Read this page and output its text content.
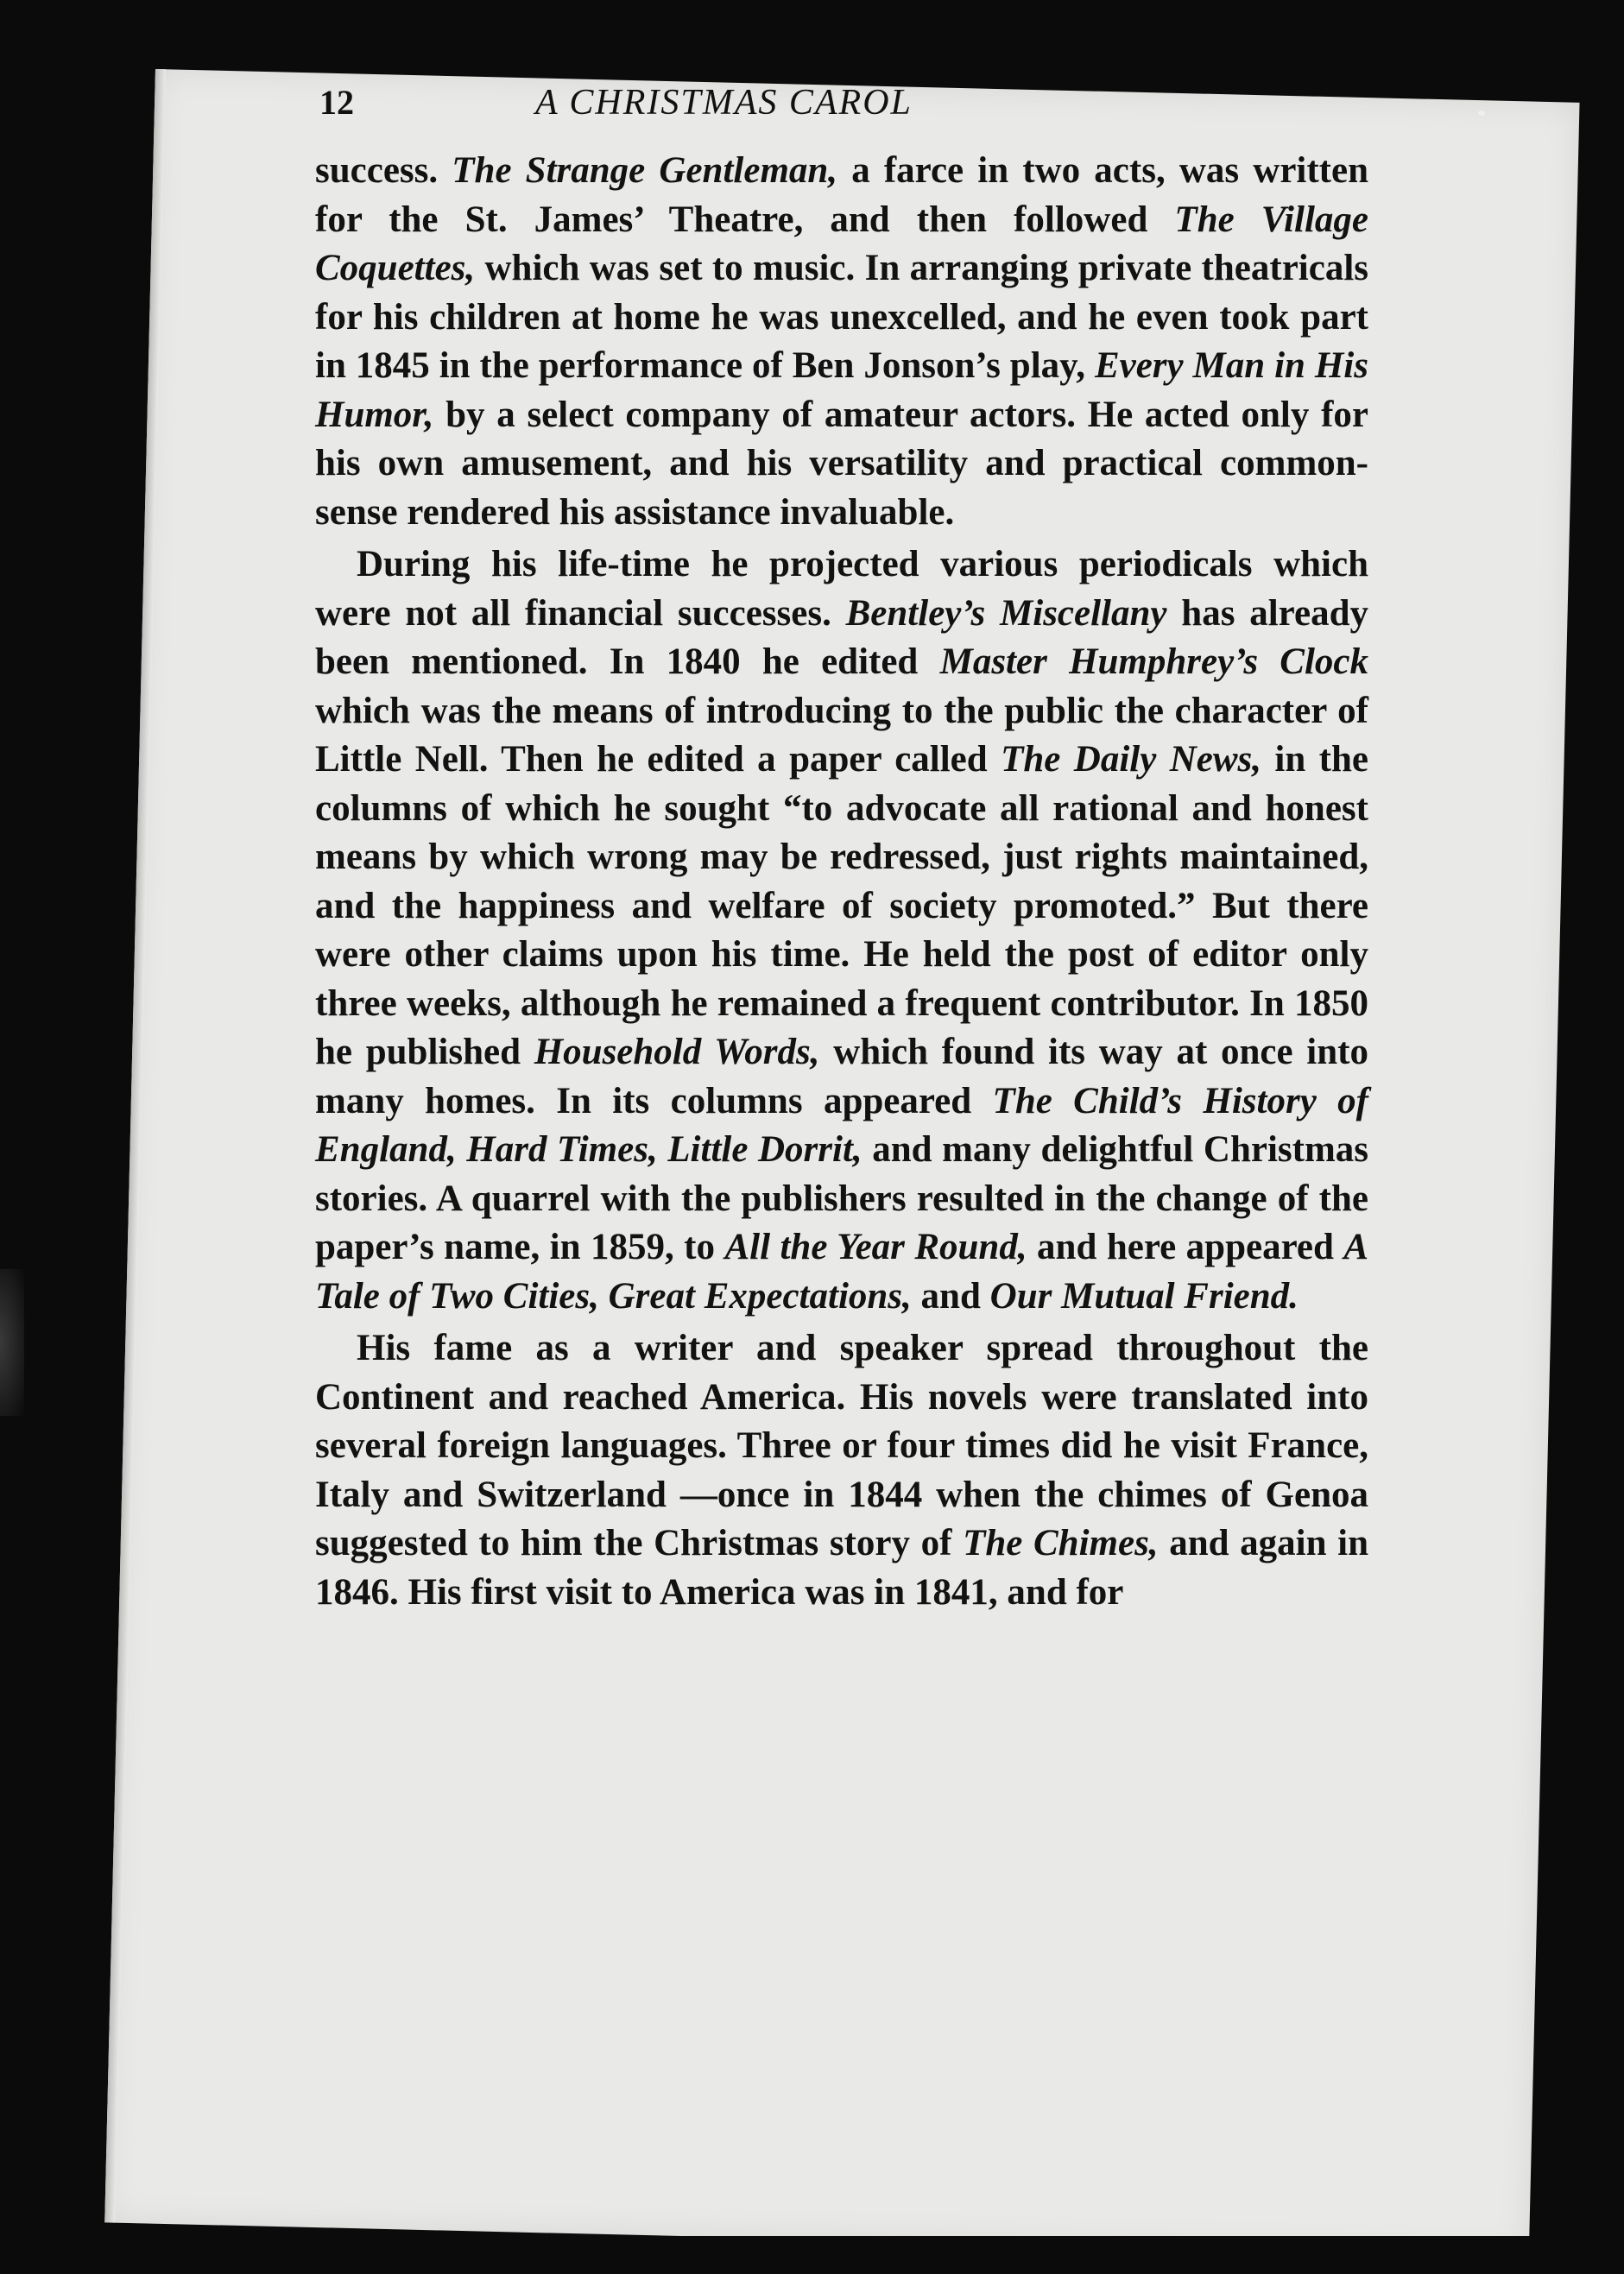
12	A CHRISTMAS CAROL

success. The Strange Gentleman, a farce in two acts, was written for the St. James’ Theatre, and then followed The Village Coquettes, which was set to music. In arranging private theatricals for his children at home he was unexcelled, and he even took part in 1845 in the performance of Ben Jonson’s play, Every Man in His Humor, by a select company of amateur actors. He acted only for his own amusement, and his versatility and practical common-sense rendered his assistance invaluable.

During his life-time he projected various periodicals which were not all financial successes. Bentley’s Miscellany has already been mentioned. In 1840 he edited Master Humphrey’s Clock which was the means of introducing to the public the character of Little Nell. Then he edited a paper called The Daily News, in the columns of which he sought “to advocate all rational and honest means by which wrong may be redressed, just rights maintained, and the happiness and welfare of society promoted.” But there were other claims upon his time. He held the post of editor only three weeks, although he remained a frequent contributor. In 1850 he published Household Words, which found its way at once into many homes. In its columns appeared The Child’s History of England, Hard Times, Little Dorrit, and many delightful Christmas stories. A quarrel with the publishers resulted in the change of the paper’s name, in 1859, to All the Year Round, and here appeared A Tale of Two Cities, Great Expectations, and Our Mutual Friend.

His fame as a writer and speaker spread throughout the Continent and reached America. His novels were translated into several foreign languages. Three or four times did he visit France, Italy and Switzerland —once in 1844 when the chimes of Genoa suggested to him the Christmas story of The Chimes, and again in 1846. His first visit to America was in 1841, and for
